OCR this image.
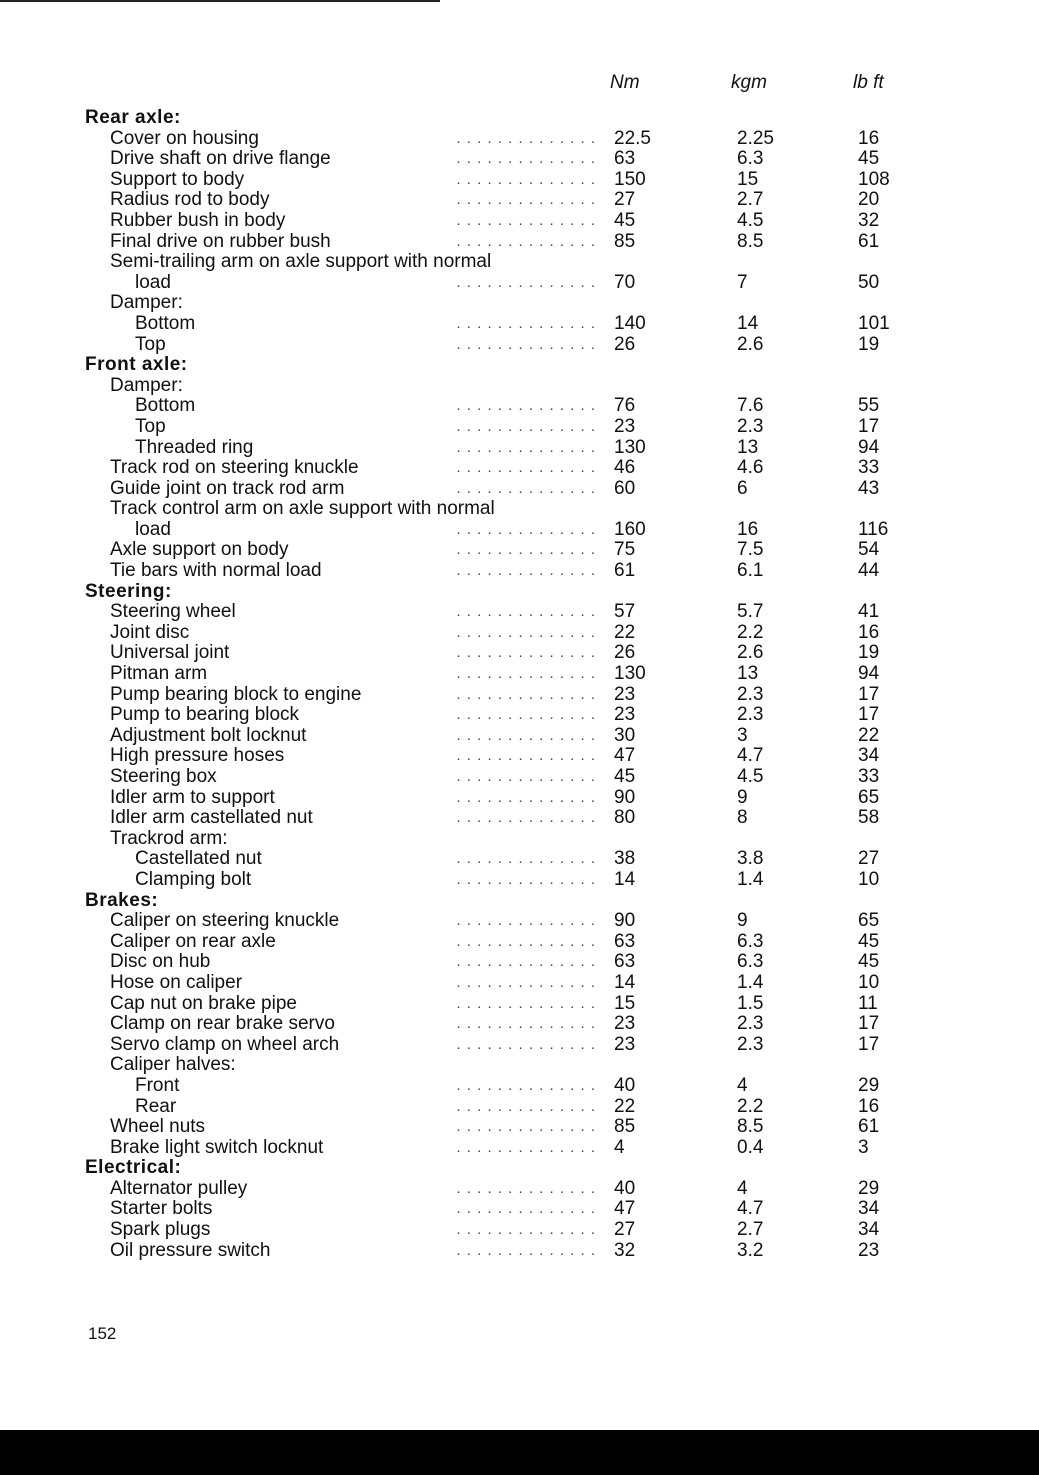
Nm	kgm	lb ft
Rear axle:
Cover on housing	. . . . . . . . . . . . . . 22.5	2.25	16
Drive shaft on drive flange	. . . . . . . . . . . . . . 63	6.3	45
Support to body	. . . . . . . . . . . . . . 150	15	108
Radius rod to body	. . . . . . . . . . . . . . 27	2.7	20
Rubber bush in body	. . . . . . . . . . . . . . 45	4.5	32
Final drive on rubber bush	. . . . . . . . . . . . . . 85	8.5	61
Semi-trailing arm on axle support with normal
load	. . . . . . . . . . . . . . 70	7	50
Damper:
Bottom	. . . . . . . . . . . . . . 140	14	101
Top	. . . . . . . . . . . . . . 26	2.6	19
Front axle:
Damper:
Bottom	. . . . . . . . . . . . . . 76	7.6	55
Top	. . . . . . . . . . . . . . 23	2.3	17
Threaded ring	. . . . . . . . . . . . . . 130	13	94
Track rod on steering knuckle	. . . . . . . . . . . . . . 46	4.6	33
Guide joint on track rod arm	. . . . . . . . . . . . . . 60	6	43
Track control arm on axle support with normal
load	. . . . . . . . . . . . . . 160	16	116
Axle support on body	. . . . . . . . . . . . . . 75	7.5	54
Tie bars with normal load	. . . . . . . . . . . . . . 61	6.1	44
Steering:
Steering wheel	. . . . . . . . . . . . . . 57	5.7	41
Joint disc	. . . . . . . . . . . . . . 22	2.2	16
Universal joint	. . . . . . . . . . . . . . 26	2.6	19
Pitman arm	. . . . . . . . . . . . . . 130	13	94
Pump bearing block to engine	. . . . . . . . . . . . . . 23	2.3	17
Pump to bearing block	. . . . . . . . . . . . . . 23	2.3	17
Adjustment bolt locknut	. . . . . . . . . . . . . . 30	3	22
High pressure hoses	. . . . . . . . . . . . . . 47	4.7	34
Steering box	. . . . . . . . . . . . . . 45	4.5	33
Idler arm to support	. . . . . . . . . . . . . . 90	9	65
Idler arm castellated nut	. . . . . . . . . . . . . . 80	8	58
Trackrod arm:
Castellated nut	. . . . . . . . . . . . . . 38	3.8	27
Clamping bolt	. . . . . . . . . . . . . . 14	1.4	10
Brakes:
Caliper on steering knuckle	. . . . . . . . . . . . . . 90	9	65
Caliper on rear axle	. . . . . . . . . . . . . . 63	6.3	45
Disc on hub	. . . . . . . . . . . . . . 63	6.3	45
Hose on caliper	. . . . . . . . . . . . . . 14	1.4	10
Cap nut on brake pipe	. . . . . . . . . . . . . . 15	1.5	11
Clamp on rear brake servo	. . . . . . . . . . . . . . 23	2.3	17
Servo clamp on wheel arch	. . . . . . . . . . . . . . 23	2.3	17
Caliper halves:
Front	. . . . . . . . . . . . . . 40	4	29
Rear	. . . . . . . . . . . . . . 22	2.2	16
Wheel nuts	. . . . . . . . . . . . . . 85	8.5	61
Brake light switch locknut	. . . . . . . . . . . . . . 4	0.4	3
Electrical:
Alternator pulley	. . . . . . . . . . . . . . 40	4	29
Starter bolts	. . . . . . . . . . . . . . 47	4.7	34
Spark plugs	. . . . . . . . . . . . . . 27	2.7	34
Oil pressure switch	. . . . . . . . . . . . . . 32	3.2	23
152
